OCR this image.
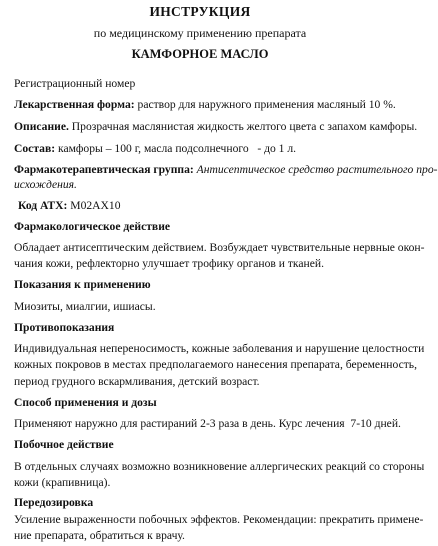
ИНСТРУКЦИЯ
по медицинскому применению препарата
КАМФОРНОЕ МАСЛО
Регистрационный номер
Лекарственная форма: раствор для наружного применения масляный 10 %.
Описание. Прозрачная маслянистая жидкость желтого цвета с запахом камфоры.
Состав: камфоры – 100 г, масла подсолнечного   - до 1 л.
Фармакотерапевтическая группа: Антисептическое средство растительного про-
исхождения.
Код АТХ: M02AX10
Фармакологическое действие
Обладает антисептическим действием. Возбуждает чувствительные нервные окон-
чания кожи, рефлекторно улучшает трофику органов и тканей.
Показания к применению
Миозиты, миалгии, ишиасы.
Противопоказания
Индивидуальная непереносимость, кожные заболевания и нарушение целостности
кожных покровов в местах предполагаемого нанесения препарата, беременность,
период грудного вскармливания, детский возраст.
Способ применения и дозы
Применяют наружно для растираний 2-3 раза в день. Курс лечения  7-10 дней.
Побочное действие
В отдельных случаях возможно возникновение аллергических реакций со стороны
кожи (крапивница).
Передозировка
Усиление выраженности побочных эффектов. Рекомендации: прекратить примене-
ние препарата, обратиться к врачу.
